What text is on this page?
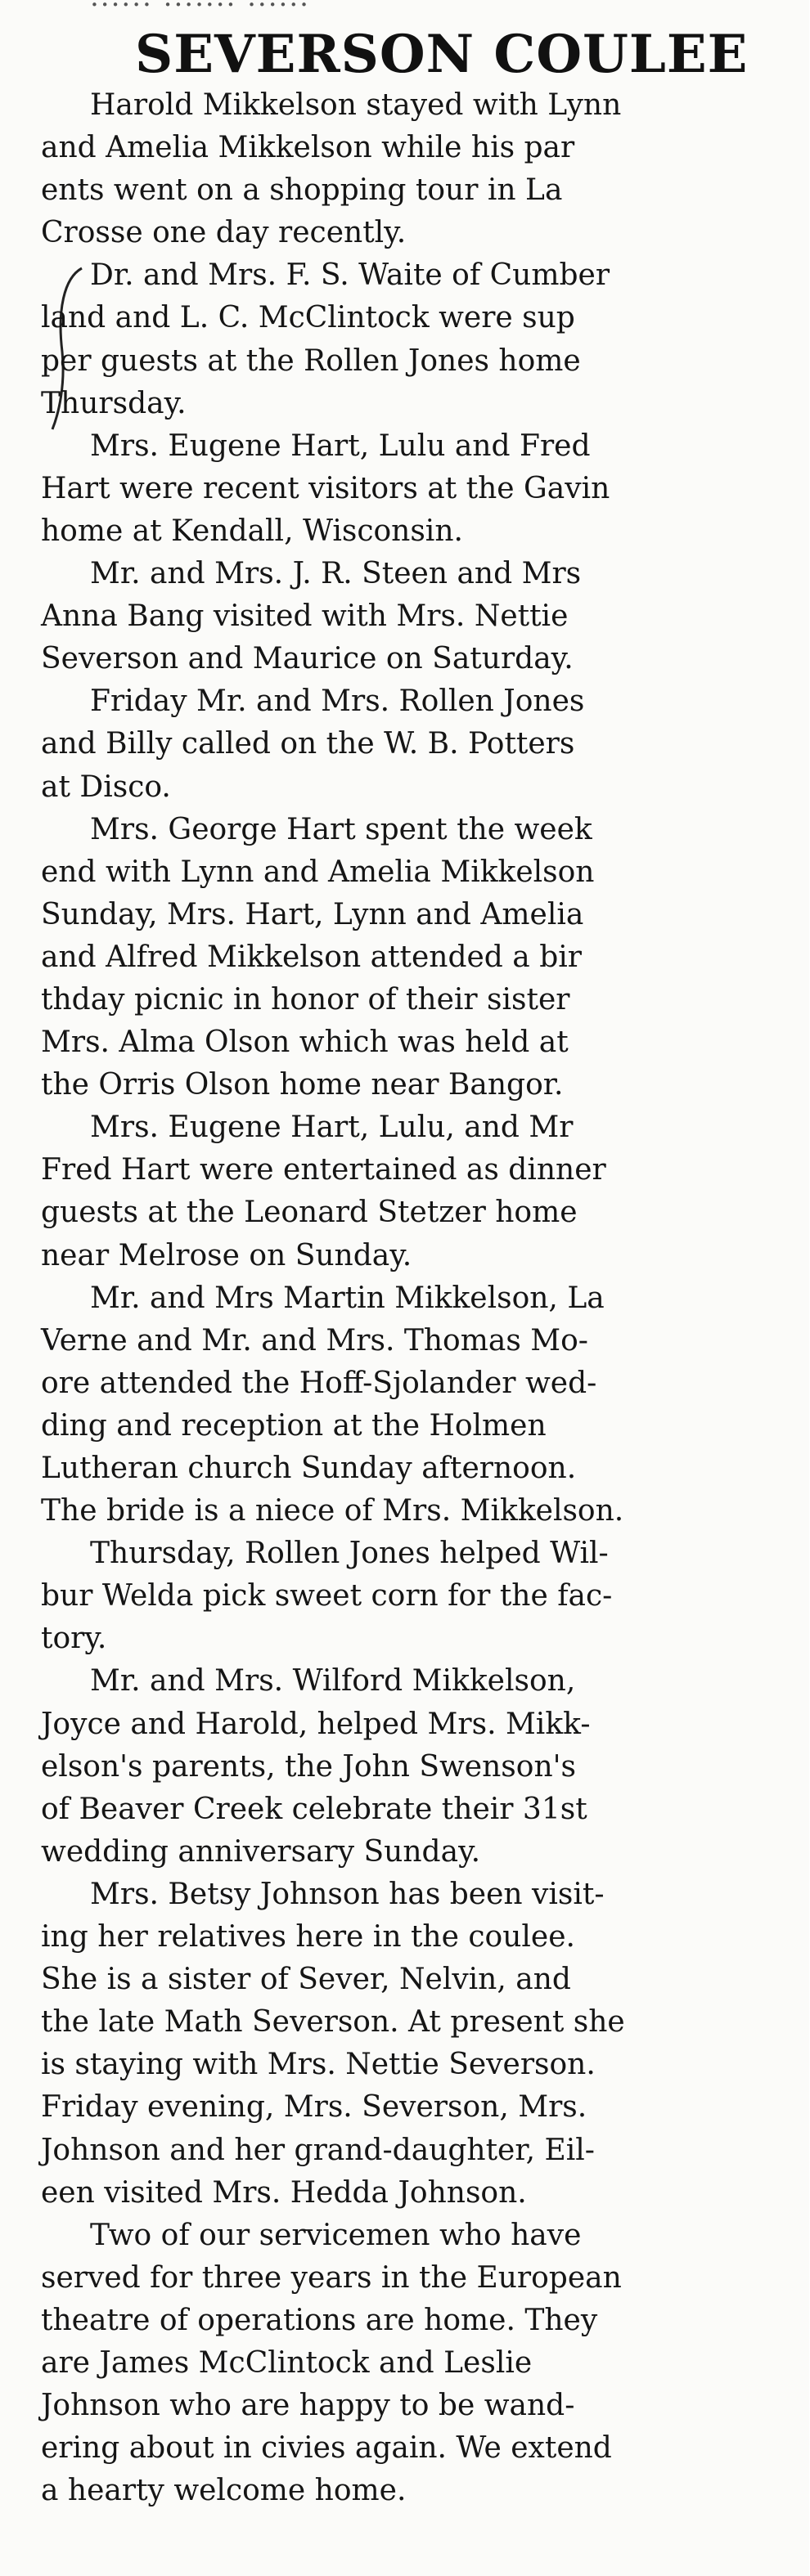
SEVERSON COULEE
Harold Mikkelson stayed with Lynn
and Amelia Mikkelson while his par
ents went on a shopping tour in La
Crosse one day recently.
Dr. and Mrs. F. S. Waite of Cumber
land and L. C. McClintock were sup
per guests at the Rollen Jones home
Thursday.
Mrs. Eugene Hart, Lulu and Fred
Hart were recent visitors at the Gavin
home at Kendall, Wisconsin.
Mr. and Mrs. J. R. Steen and Mrs
Anna Bang visited with Mrs. Nettie
Severson and Maurice on Saturday.
Friday Mr. and Mrs. Rollen Jones
and Billy called on the W. B. Potters
at Disco.
Mrs. George Hart spent the week
end with Lynn and Amelia Mikkelson
Sunday, Mrs. Hart, Lynn and Amelia
and Alfred Mikkelson attended a bir
thday picnic in honor of their sister
Mrs. Alma Olson which was held at
the Orris Olson home near Bangor.
Mrs. Eugene Hart, Lulu, and Mr
Fred Hart were entertained as dinner
guests at the Leonard Stetzer home
near Melrose on Sunday.
Mr. and Mrs Martin Mikkelson, La
Verne and Mr. and Mrs. Thomas Mo-
ore attended the Hoff-Sjolander wed-
ding and reception at the Holmen
Lutheran church Sunday afternoon.
The bride is a niece of Mrs. Mikkelson.
Thursday, Rollen Jones helped Wil-
bur Welda pick sweet corn for the fac-
tory.
Mr. and Mrs. Wilford Mikkelson,
Joyce and Harold, helped Mrs. Mikk-
elson's parents, the John Swenson's
of Beaver Creek celebrate their 31st
wedding anniversary Sunday.
Mrs. Betsy Johnson has been visit-
ing her relatives here in the coulee.
She is a sister of Sever, Nelvin, and
the late Math Severson. At present she
is staying with Mrs. Nettie Severson.
Friday evening, Mrs. Severson, Mrs.
Johnson and her grand-daughter, Eil-
een visited Mrs. Hedda Johnson.
Two of our servicemen who have
served for three years in the European
theatre of operations are home. They
are James McClintock and Leslie
Johnson who are happy to be wand-
ering about in civies again. We extend
a hearty welcome home.
